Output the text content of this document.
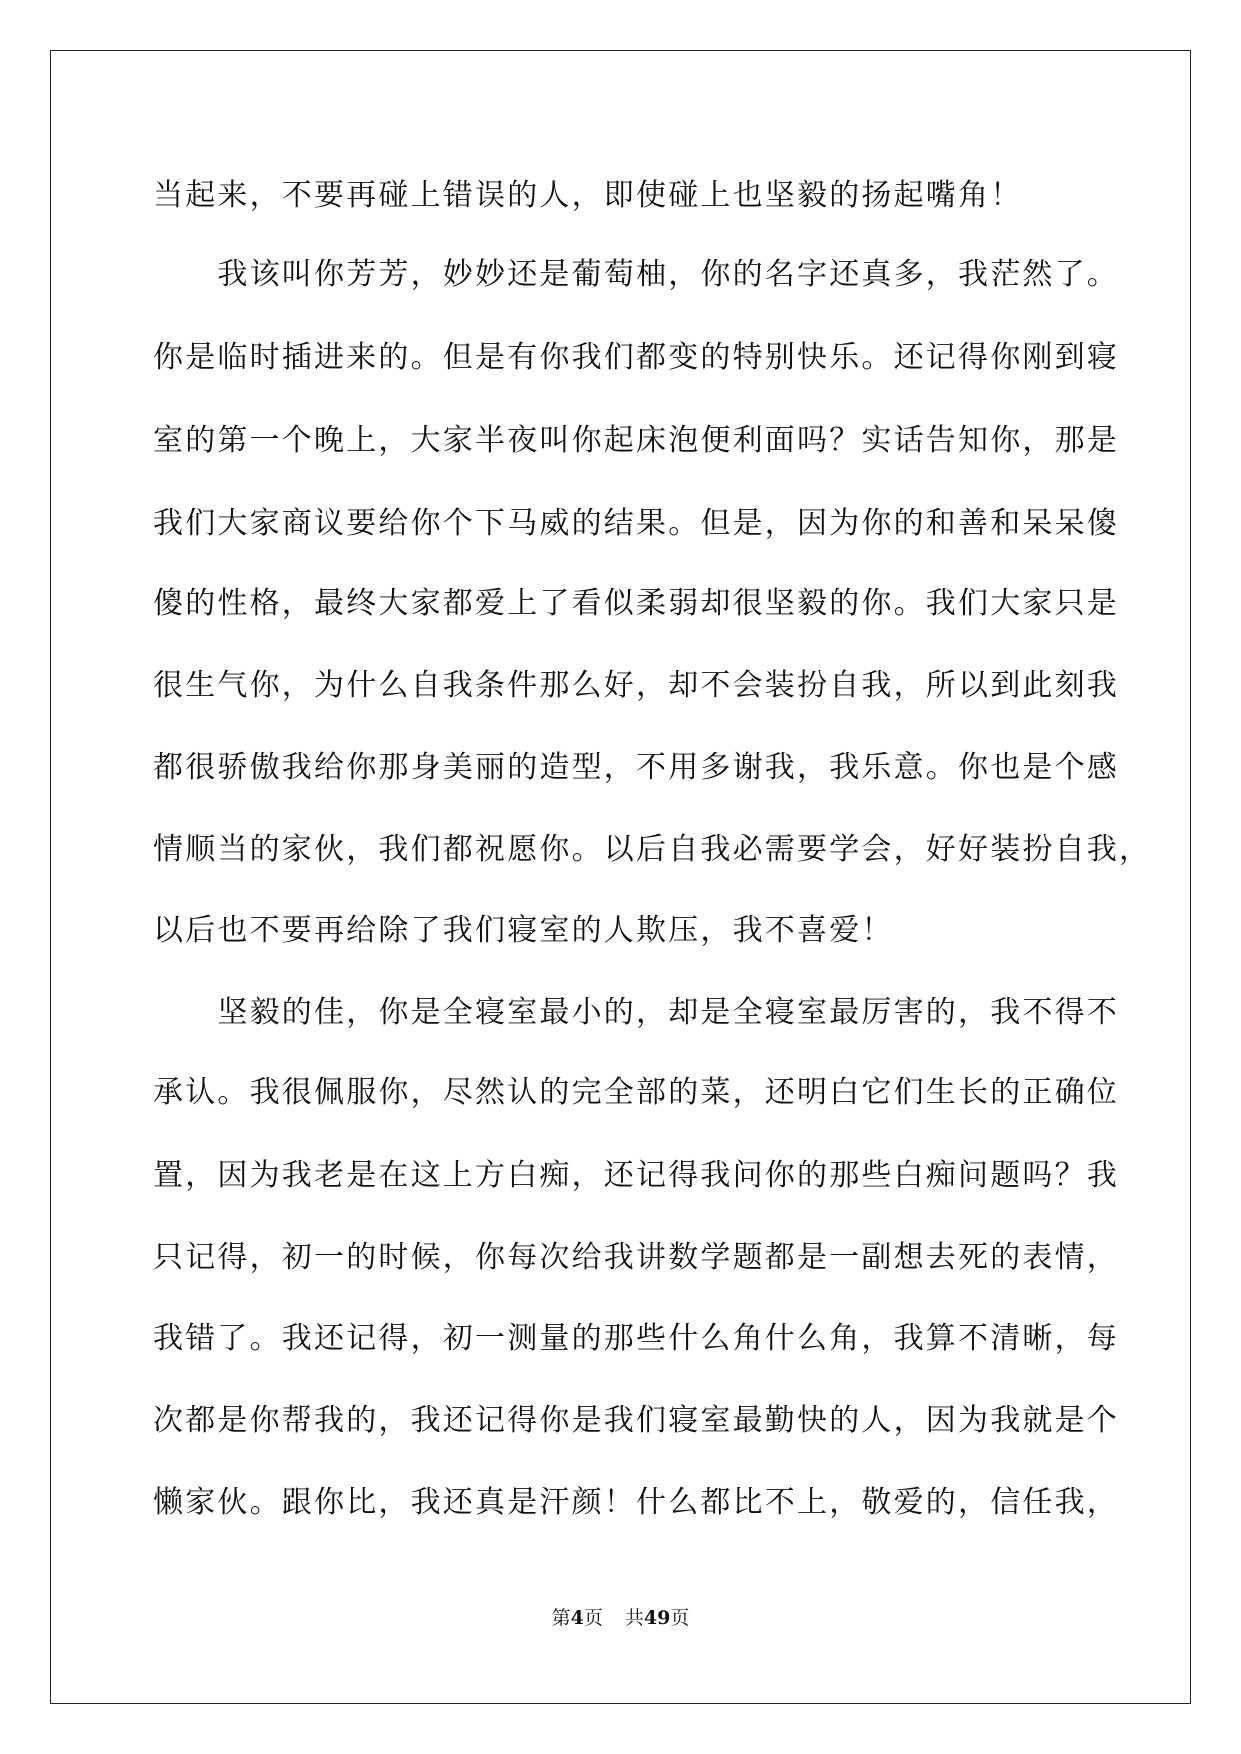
当起来，不要再碰上错误的人，即使碰上也坚毅的扬起嘴角！
　　我该叫你芳芳，妙妙还是葡萄柚，你的名字还真多，我茫然了。
你是临时插进来的。但是有你我们都变的特别快乐。还记得你刚到寝
室的第一个晚上，大家半夜叫你起床泡便利面吗？实话告知你，那是
我们大家商议要给你个下马威的结果。但是，因为你的和善和呆呆傻
傻的性格，最终大家都爱上了看似柔弱却很坚毅的你。我们大家只是
很生气你，为什么自我条件那么好，却不会装扮自我，所以到此刻我
都很骄傲我给你那身美丽的造型，不用多谢我，我乐意。你也是个感
情顺当的家伙，我们都祝愿你。以后自我必需要学会，好好装扮自我，
以后也不要再给除了我们寝室的人欺压，我不喜爱！
　　坚毅的佳，你是全寝室最小的，却是全寝室最厉害的，我不得不
承认。我很佩服你，尽然认的完全部的菜，还明白它们生长的正确位
置，因为我老是在这上方白痴，还记得我问你的那些白痴问题吗？我
只记得，初一的时候，你每次给我讲数学题都是一副想去死的表情，
我错了。我还记得，初一测量的那些什么角什么角，我算不清晰，每
次都是你帮我的，我还记得你是我们寝室最勤快的人，因为我就是个
懒家伙。跟你比，我还真是汗颜！什么都比不上，敬爱的，信任我，
第4页 共49页
